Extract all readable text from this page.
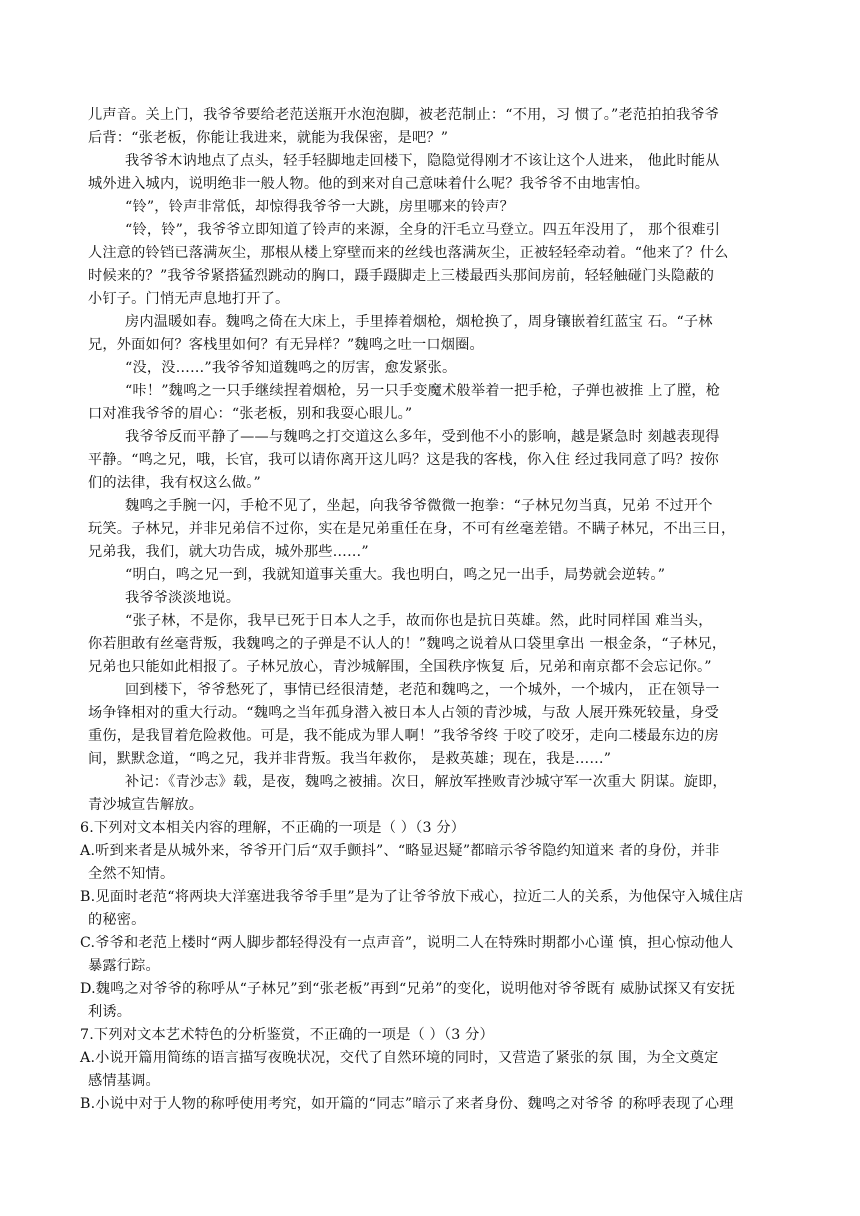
儿声音。关上门，我爷爷要给老范送瓶开水泡泡脚，被老范制止：“不用，习 惯了。”老范拍拍我爷爷
后背：“张老板，你能让我进来，就能为我保密，是吧？”
我爷爷木讷地点了点头，轻手轻脚地走回楼下，隐隐觉得刚才不该让这个人进来， 他此时能从
城外进入城内，说明绝非一般人物。他的到来对自己意味着什么呢？我爷爷不由地害怕。
“铃”，铃声非常低，却惊得我爷爷一大跳，房里哪来的铃声？
“铃，铃”，我爷爷立即知道了铃声的来源，全身的汗毛立马登立。四五年没用了， 那个很难引
人注意的铃铛已落满灰尘，那根从楼上穿壁而来的丝线也落满灰尘，正被轻轻牵动着。“他来了？什么
时候来的？”我爷爷紧搭猛烈跳动的胸口，蹑手蹑脚走上三楼最西头那间房前，轻轻触碰门头隐蔽的
小钉子。门悄无声息地打开了。
房内温暖如春。魏鸣之倚在大床上，手里捧着烟枪，烟枪换了，周身镶嵌着红蓝宝 石。“子林
兄，外面如何？客栈里如何？有无异样？”魏鸣之吐一口烟圈。
“没，没……”我爷爷知道魏鸣之的厉害，愈发紧张。
“咔！”魏鸣之一只手继续捏着烟枪，另一只手变魔术般举着一把手枪，子弹也被推 上了膛，枪
口对准我爷爷的眉心：“张老板，别和我耍心眼儿。”
我爷爷反而平静了——与魏鸣之打交道这么多年，受到他不小的影响，越是紧急时 刻越表现得
平静。“鸣之兄，哦，长官，我可以请你离开这儿吗？这是我的客栈，你入住 经过我同意了吗？按你
们的法律，我有权这么做。”
魏鸣之手腕一闪，手枪不见了，坐起，向我爷爷微微一抱拳：“子林兄勿当真，兄弟 不过开个
玩笑。子林兄，并非兄弟信不过你，实在是兄弟重任在身，不可有丝毫差错。不瞒子林兄，不出三日，
兄弟我，我们，就大功告成，城外那些……”
“明白，鸣之兄一到，我就知道事关重大。我也明白，鸣之兄一出手，局势就会逆转。”
我爷爷淡淡地说。
“张子林，不是你，我早已死于日本人之手，故而你也是抗日英雄。然，此时同样国 难当头，
你若胆敢有丝毫背叛，我魏鸣之的子弹是不认人的！”魏鸣之说着从口袋里拿出 一根金条，“子林兄，
兄弟也只能如此相报了。子林兄放心，青沙城解围，全国秩序恢复 后，兄弟和南京都不会忘记你。”
回到楼下，爷爷愁死了，事情已经很清楚，老范和魏鸣之，一个城外，一个城内， 正在领导一
场争锋相对的重大行动。“魏鸣之当年孤身潜入被日本人占领的青沙城，与敌 人展开殊死较量，身受
重伤，是我冒着危险救他。可是，我不能成为罪人啊！”我爷爷终 于咬了咬牙，走向二楼最东边的房
间，默默念道，“鸣之兄，我并非背叛。我当年救你， 是救英雄；现在，我是……”
补记：《青沙志》载，是夜，魏鸣之被捕。次日，解放军挫败青沙城守军一次重大 阴谋。旋即，
青沙城宣告解放。
6.下列对文本相关内容的理解，不正确的一项是（ ）（3 分）
A.听到来者是从城外来，爷爷开门后“双手颤抖”、“略显迟疑”都暗示爷爷隐约知道来 者的身份，并非
全然不知情。
B.见面时老范“将两块大洋塞进我爷爷手里”是为了让爷爷放下戒心，拉近二人的关系，为他保守入城住店
的秘密。
C.爷爷和老范上楼时“两人脚步都轻得没有一点声音”，说明二人在特殊时期都小心谨 慎，担心惊动他人
暴露行踪。
D.魏鸣之对爷爷的称呼从“子林兄”到“张老板”再到“兄弟”的变化，说明他对爷爷既有 威胁试探又有安抚
利诱。
7.下列对文本艺术特色的分析鉴赏，不正确的一项是（ ）（3 分）
A.小说开篇用简练的语言描写夜晚状况，交代了自然环境的同时，又营造了紧张的氛 围，为全文奠定
感情基调。
B.小说中对于人物的称呼使用考究，如开篇的“同志”暗示了来者身份、魏鸣之对爷爷 的称呼表现了心理
